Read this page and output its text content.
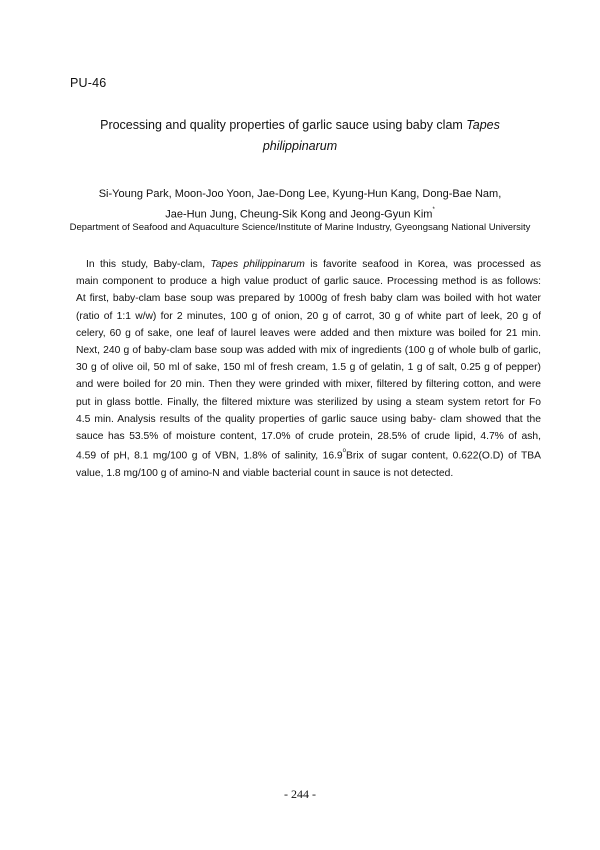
PU-46
Processing and quality properties of garlic sauce using baby clam Tapes
philippinarum
Si-Young Park, Moon-Joo Yoon, Jae-Dong Lee, Kyung-Hun Kang, Dong-Bae Nam,
Jae-Hun Jung, Cheung-Sik Kong and Jeong-Gyun Kim*
Department of Seafood and Aquaculture Science/Institute of Marine Industry, Gyeongsang National University
In this study, Baby-clam, Tapes philippinarum is favorite seafood in Korea, was processed as
main component to produce a high value product of garlic sauce. Processing method is as follows:
At first, baby-clam base soup was prepared by 1000g of fresh baby clam was boiled with hot water
(ratio of 1:1 w/w) for 2 minutes, 100 g of onion, 20 g of carrot, 30 g of white part of leek, 20 g of
celery, 60 g of sake, one leaf of laurel leaves were added and then mixture was boiled for 21 min.
Next, 240 g of baby-clam base soup was added with mix of ingredients (100 g of whole bulb of garlic,
30 g of olive oil, 50 ml of sake, 150 ml of fresh cream, 1.5 g of gelatin, 1 g of salt, 0.25 g of pepper)
and were boiled for 20 min. Then they were grinded with mixer, filtered by filtering cotton, and were
put in glass bottle. Finally, the filtered mixture was sterilized by using a steam system retort for Fo
4.5 min. Analysis results of the quality properties of garlic sauce using baby- clam showed that the
sauce has 53.5% of moisture content, 17.0% of crude protein, 28.5% of crude lipid, 4.7% of ash,
4.59 of pH, 8.1 mg/100 g of VBN, 1.8% of salinity, 16.9$^o$Brix of sugar content, 0.622(O.D) of TBA
value, 1.8 mg/100 g of amino-N and viable bacterial count in sauce is not detected.
- 244 -
